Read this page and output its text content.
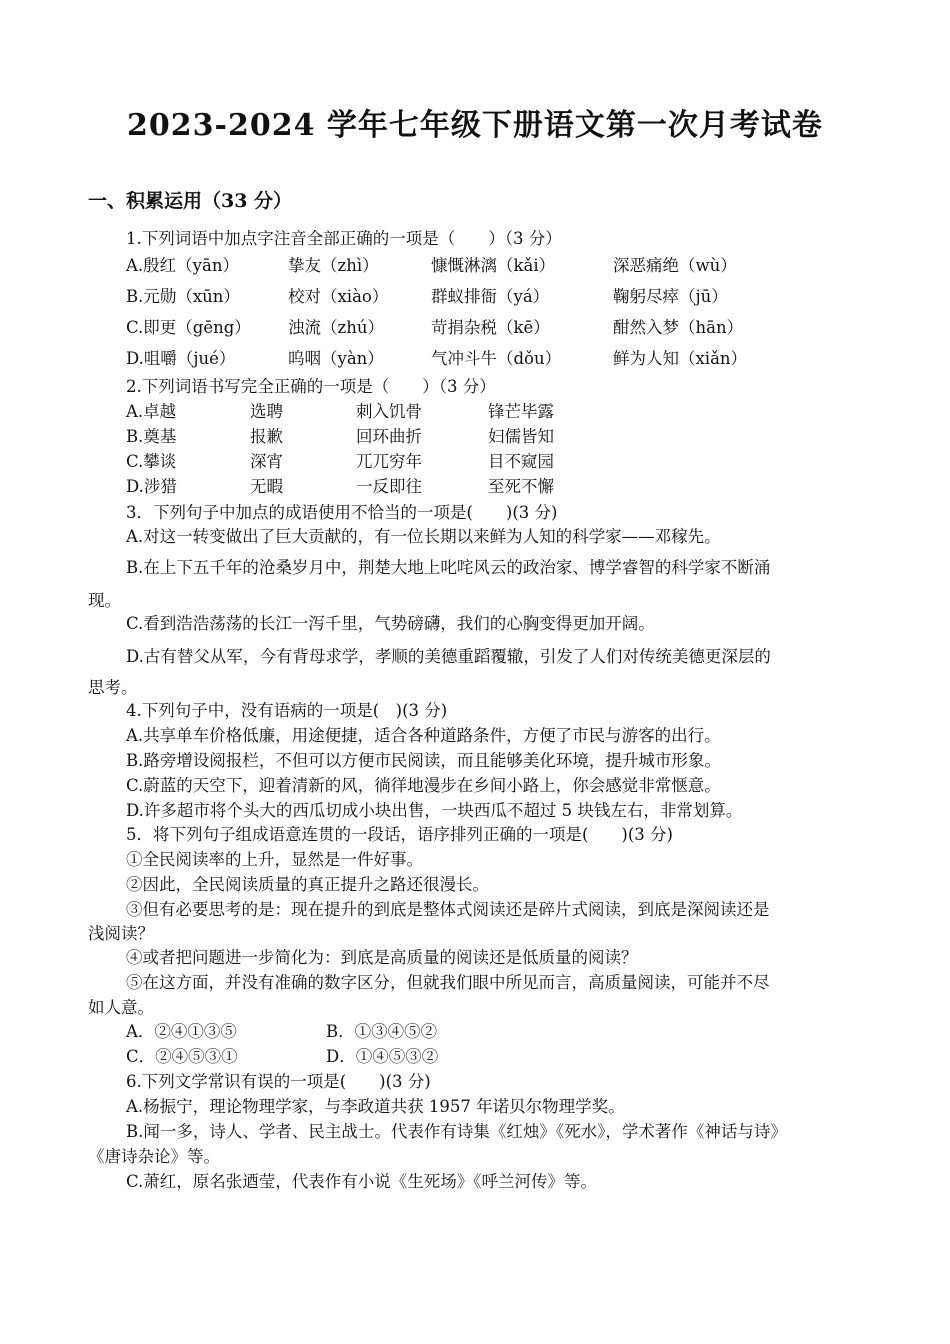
2023-2024 学年七年级下册语文第一次月考试卷
一、积累运用（33 分）
1.下列词语中加点字注音全部正确的一项是（　　）（3 分）
A.殷红（yān）	挚友（zhì）	慷慨淋漓（kǎi）	深恶痛绝（wù）
B.元勋（xūn）	校对（xiào）	群蚁排衙（yá）	鞠躬尽瘁（jū）
C.即更（gēng） 浊流（zhú）	苛捐杂税（kē）	酣然入梦（hān）
D.咀嚼（jué）	呜咽（yàn）	气冲斗牛（dǒu）	鲜为人知（xiǎn）
2.下列词语书写完全正确的一项是（　　）（3 分）
A.卓越	选聘	刺入饥骨	锋芒毕露
B.奠基	报歉	回环曲折	妇儒皆知
C.攀谈	深宵	兀兀穷年	目不窥园
D.涉猎	无暇	一反即往	至死不懈
3．下列句子中加点的成语使用不恰当的一项是(　　)(3 分)
A.对这一转变做出了巨大贡献的，有一位长期以来鲜为人知的科学家——邓稼先。
B.在上下五千年的沧桑岁月中，荆楚大地上叱咤风云的政治家、博学睿智的科学家不断涌
现。
C.看到浩浩荡荡的长江一泻千里，气势磅礴，我们的心胸变得更加开阔。
D.古有替父从军，今有背母求学，孝顺的美德重蹈覆辙，引发了人们对传统美德更深层的
思考。
4.下列句子中，没有语病的一项是(　)(3 分)
A.共享单车价格低廉，用途便捷，适合各种道路条件，方便了市民与游客的出行。
B.路旁增设阅报栏，不但可以方便市民阅读，而且能够美化环境，提升城市形象。
C.蔚蓝的天空下，迎着清新的风，徜徉地漫步在乡间小路上，你会感觉非常惬意。
D.许多超市将个头大的西瓜切成小块出售，一块西瓜不超过 5 块钱左右，非常划算。
5．将下列句子组成语意连贯的一段话，语序排列正确的一项是(　　)(3 分)
①全民阅读率的上升，显然是一件好事。
②因此，全民阅读质量的真正提升之路还很漫长。
③但有必要思考的是：现在提升的到底是整体式阅读还是碎片式阅读，到底是深阅读还是
浅阅读？
④或者把问题进一步简化为：到底是高质量的阅读还是低质量的阅读？
⑤在这方面，并没有准确的数字区分，但就我们眼中所见而言，高质量阅读，可能并不尽
如人意。
A．②④①③⑤	B．①③④⑤②
C．②④⑤③①	D．①④⑤③②
6.下列文学常识有误的一项是(　　)(3 分)
A.杨振宁，理论物理学家，与李政道共获 1957 年诺贝尔物理学奖。
B.闻一多，诗人、学者、民主战士。代表作有诗集《红烛》《死水》，学术著作《神话与诗》
《唐诗杂论》等。
C.萧红，原名张迺莹，代表作有小说《生死场》《呼兰河传》等。
